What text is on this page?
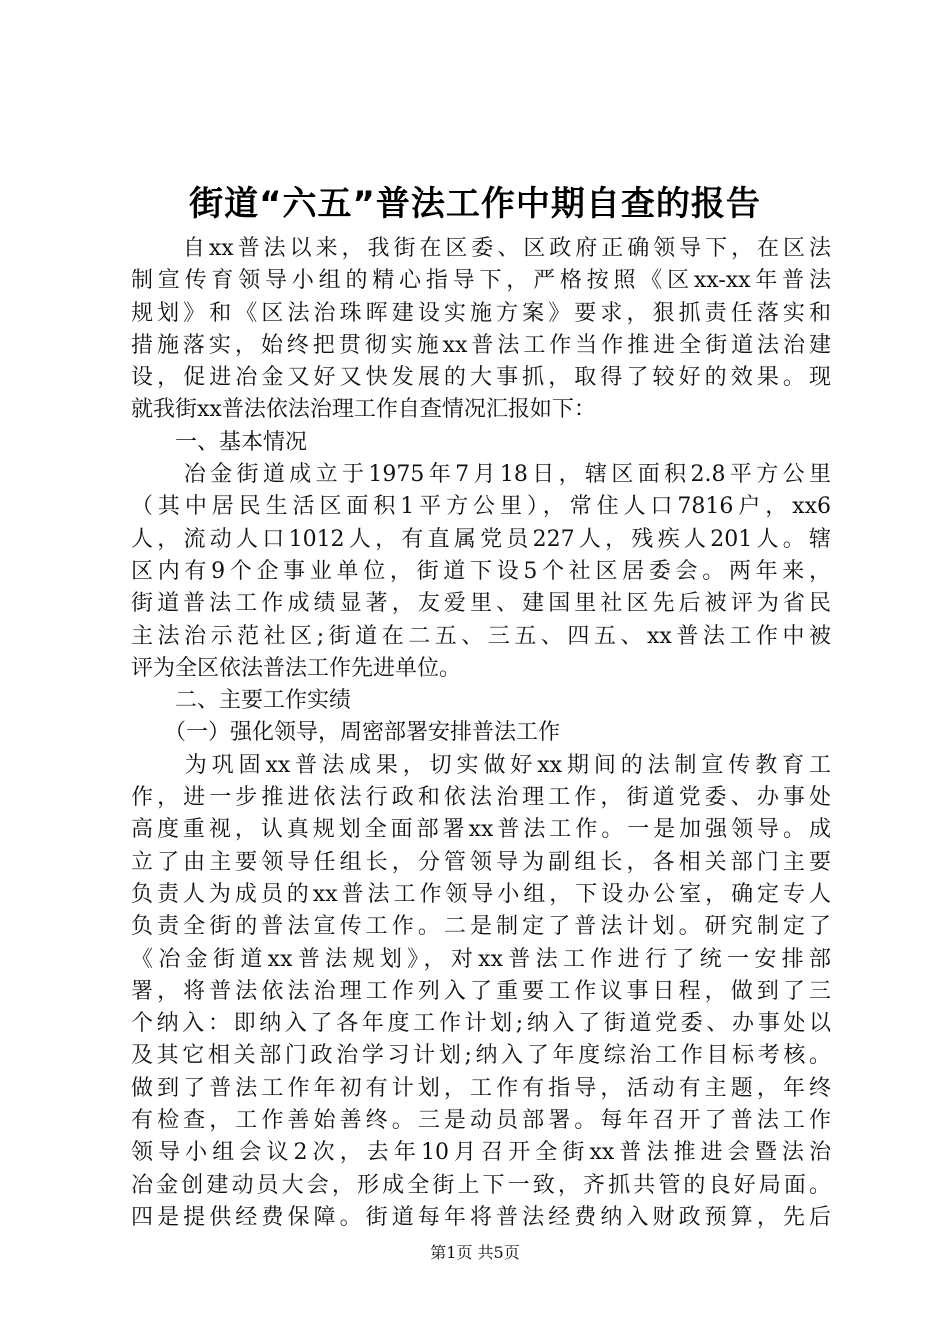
街道“六五”普法工作中期自查的报告
　　自xx普法以来，我街在区委、区政府正确领导下，在区法
制宣传育领导小组的精心指导下，严格按照《区xx-xx年普法
规划》和《区法治珠晖建设实施方案》要求，狠抓责任落实和
措施落实，始终把贯彻实施xx普法工作当作推进全街道法治建
设，促进冶金又好又快发展的大事抓，取得了较好的效果。现
就我街xx普法依法治理工作自查情况汇报如下：
　　一、基本情况
　　冶金街道成立于1975年7月18日，辖区面积2.8平方公里
（其中居民生活区面积1平方公里），常住人口7816户，xx6
人，流动人口1012人，有直属党员227人，残疾人201人。辖
区内有9个企事业单位，街道下设5个社区居委会。两年来，
街道普法工作成绩显著，友爱里、建国里社区先后被评为省民
主法治示范社区;街道在二五、三五、四五、xx普法工作中被
评为全区依法普法工作先进单位。
　　二、主要工作实绩
　　（一）强化领导，周密部署安排普法工作
　　为巩固xx普法成果，切实做好xx期间的法制宣传教育工
作，进一步推进依法行政和依法治理工作，街道党委、办事处
高度重视，认真规划全面部署xx普法工作。一是加强领导。成
立了由主要领导任组长，分管领导为副组长，各相关部门主要
负责人为成员的xx普法工作领导小组，下设办公室，确定专人
负责全街的普法宣传工作。二是制定了普法计划。研究制定了
《冶金街道xx普法规划》，对xx普法工作进行了统一安排部
署，将普法依法治理工作列入了重要工作议事日程，做到了三
个纳入：即纳入了各年度工作计划;纳入了街道党委、办事处以
及其它相关部门政治学习计划;纳入了年度综治工作目标考核。
做到了普法工作年初有计划，工作有指导，活动有主题，年终
有检查，工作善始善终。三是动员部署。每年召开了普法工作
领导小组会议2次，去年10月召开全街xx普法推进会暨法治
冶金创建动员大会，形成全街上下一致，齐抓共管的良好局面。
四是提供经费保障。街道每年将普法经费纳入财政预算，先后
第1页 共5页
